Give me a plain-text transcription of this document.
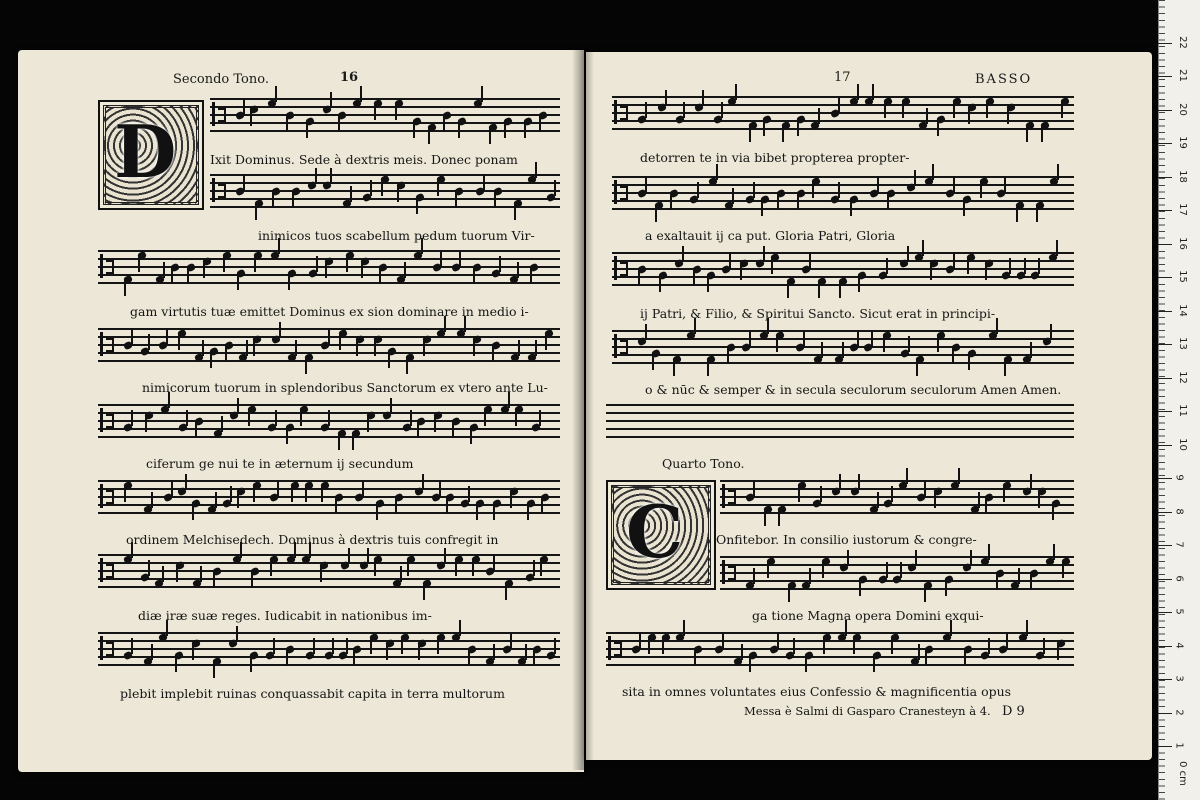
Secondo Tono.	16
D	Ixit Dominus. Sede à dextris meis. Donec ponam
inimicos tuos scabellum pedum tuorum Vir-
gam virtutis tuæ emittet Dominus ex sion dominare in medio i-
nimicorum tuorum in splendoribus Sanctorum ex vtero ante Lu-
ciferum ge nui te in æternum ij secundum
ordinem Melchisedech. Dominus à dextris tuis confregit in
diæ iræ suæ reges. Iudicabit in nationibus im-
plebit implebit ruinas conquassabit capita in terra multorum
17	BASSO
detorren te in via bibet propterea propter-
a exaltauit ij ca put. Gloria Patri, Gloria
ij Patri, & Filio, & Spiritui Sancto. Sicut erat in principi-
o & nūc & semper & in secula seculorum seculorum Amen Amen.
Quarto Tono.
C	Onfitebor. In consilio iustorum & congre-
ga tione Magna opera Domini exqui-
sita in omnes voluntates eius Confessio & magnificentia opus
Messa è Salmi di Gasparo Cranesteyn à 4. D 9
0 cm
1
2
3
4
5
6
7
8
9
10
11
12
13
14
15
16
17
18
19
20
21
22
